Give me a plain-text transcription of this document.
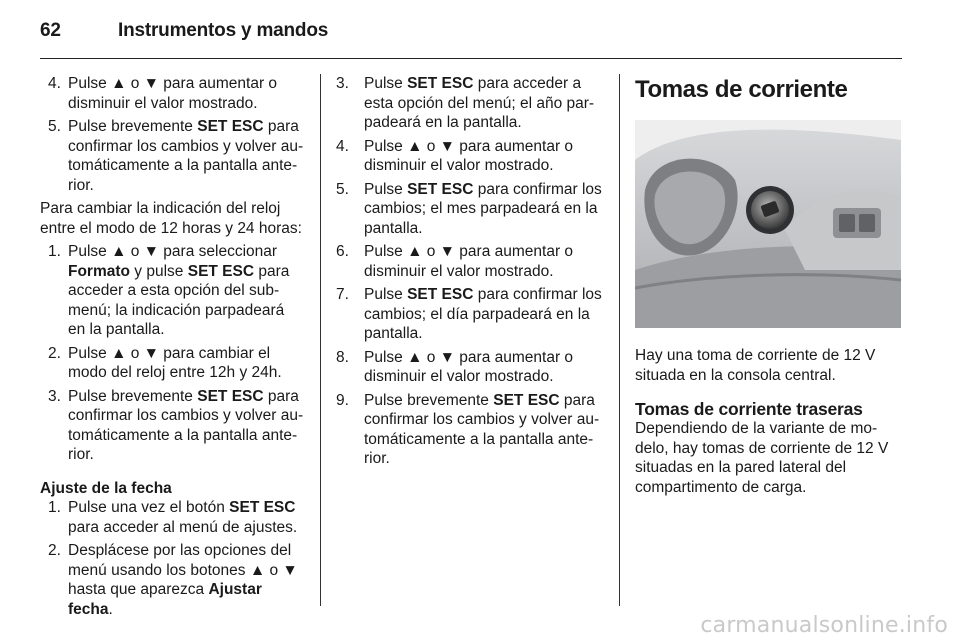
62	Instrumentos y mandos
4. Pulse ▲ o ▼ para aumentar o disminuir el valor mostrado.
5. Pulse brevemente SET ESC para confirmar los cambios y volver automáticamente a la pantalla anterior.

Para cambiar la indicación del reloj entre el modo de 12 horas y 24 horas:

1. Pulse ▲ o ▼ para seleccionar Formato y pulse SET ESC para acceder a esta opción del submenú; la indicación parpadeará en la pantalla.
2. Pulse ▲ o ▼ para cambiar el modo del reloj entre 12h y 24h.
3. Pulse brevemente SET ESC para confirmar los cambios y volver automáticamente a la pantalla anterior.

Ajuste de la fecha

1. Pulse una vez el botón SET ESC para acceder al menú de ajustes.
2. Desplácese por las opciones del menú usando los botones ▲ o ▼ hasta que aparezca Ajustar fecha.
3. Pulse SET ESC para acceder a esta opción del menú; el año parpadeará en la pantalla.
4. Pulse ▲ o ▼ para aumentar o disminuir el valor mostrado.
5. Pulse SET ESC para confirmar los cambios; el mes parpadeará en la pantalla.
6. Pulse ▲ o ▼ para aumentar o disminuir el valor mostrado.
7. Pulse SET ESC para confirmar los cambios; el día parpadeará en la pantalla.
8. Pulse ▲ o ▼ para aumentar o disminuir el valor mostrado.
9. Pulse brevemente SET ESC para confirmar los cambios y volver automáticamente a la pantalla anterior.
Tomas de corriente

Hay una toma de corriente de 12 V situada en la consola central.

Tomas de corriente traseras

Dependiendo de la variante de modelo, hay tomas de corriente de 12 V situadas en la pared lateral del compartimento de carga.

carmanualsonline.info
